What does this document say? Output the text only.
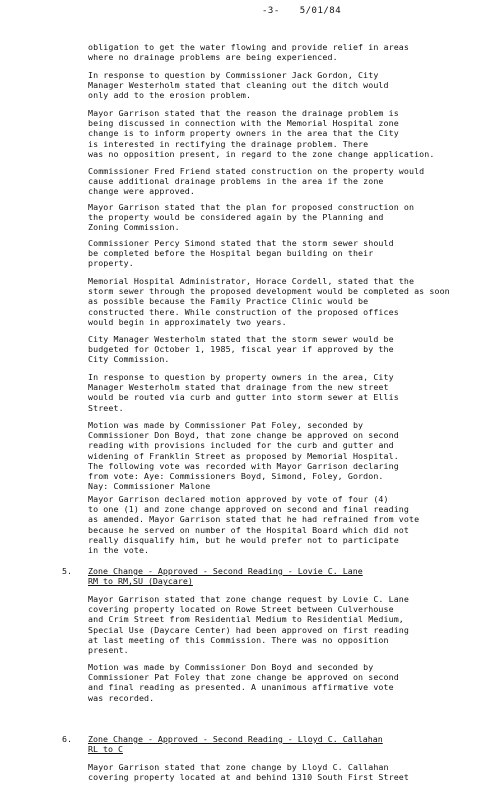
-3- 5/01/84
obligation to get the water flowing and provide relief in areas
where no drainage problems are being experienced.
In response to question by Commissioner Jack Gordon, City
Manager Westerholm stated that cleaning out the ditch would
only add to the erosion problem.
Mayor Garrison stated that the reason the drainage problem is
being discussed in connection with the Memorial Hospital zone
change is to inform property owners in the area that the City
is interested in rectifying the drainage problem. There
was no opposition present, in regard to the zone change application.
Commissioner Fred Friend stated construction on the property would
cause additional drainage problems in the area if the zone
change were approved.
Mayor Garrison stated that the plan for proposed construction on
the property would be considered again by the Planning and
Zoning Commission.
Commissioner Percy Simond stated that the storm sewer should
be completed before the Hospital began building on their
property.
Memorial Hospital Administrator, Horace Cordell, stated that the
storm sewer through the proposed development would be completed as soon
as possible because the Family Practice Clinic would be
constructed there. While construction of the proposed offices
would begin in approximately two years.
City Manager Westerholm stated that the storm sewer would be
budgeted for October 1, 1985, fiscal year if approved by the
City Commission.
In response to question by property owners in the area, City
Manager Westerholm stated that drainage from the new street
would be routed via curb and gutter into storm sewer at Ellis
Street.
Motion was made by Commissioner Pat Foley, seconded by
Commissioner Don Boyd, that zone change be approved on second
reading with provisions included for the curb and gutter and
widening of Franklin Street as proposed by Memorial Hospital.
The following vote was recorded with Mayor Garrison declaring
from vote: Aye: Commissioners Boyd, Simond, Foley, Gordon.
Nay: Commissioner Malone
Mayor Garrison declared motion approved by vote of four (4)
to one (1) and zone change approved on second and final reading
as amended. Mayor Garrison stated that he had refrained from vote
because he served on number of the Hospital Board which did not
really disqualify him, but he would prefer not to participate
in the vote.
5. Zone Change - Approved - Second Reading - Lovie C. Lane
RM to RM,SU (Daycare)
Mayor Garrison stated that zone change request by Lovie C. Lane
covering property located on Rowe Street between Culverhouse
and Crim Street from Residential Medium to Residential Medium,
Special Use (Daycare Center) had been approved on first reading
at last meeting of this Commission. There was no opposition
present.
Motion was made by Commissioner Don Boyd and seconded by
Commissioner Pat Foley that zone change be approved on second
and final reading as presented. A unanimous affirmative vote
was recorded.
6. Zone Change - Approved - Second Reading - Lloyd C. Callahan
RL to C
Mayor Garrison stated that zone change by Lloyd C. Callahan
covering property located at and behind 1310 South First Street
